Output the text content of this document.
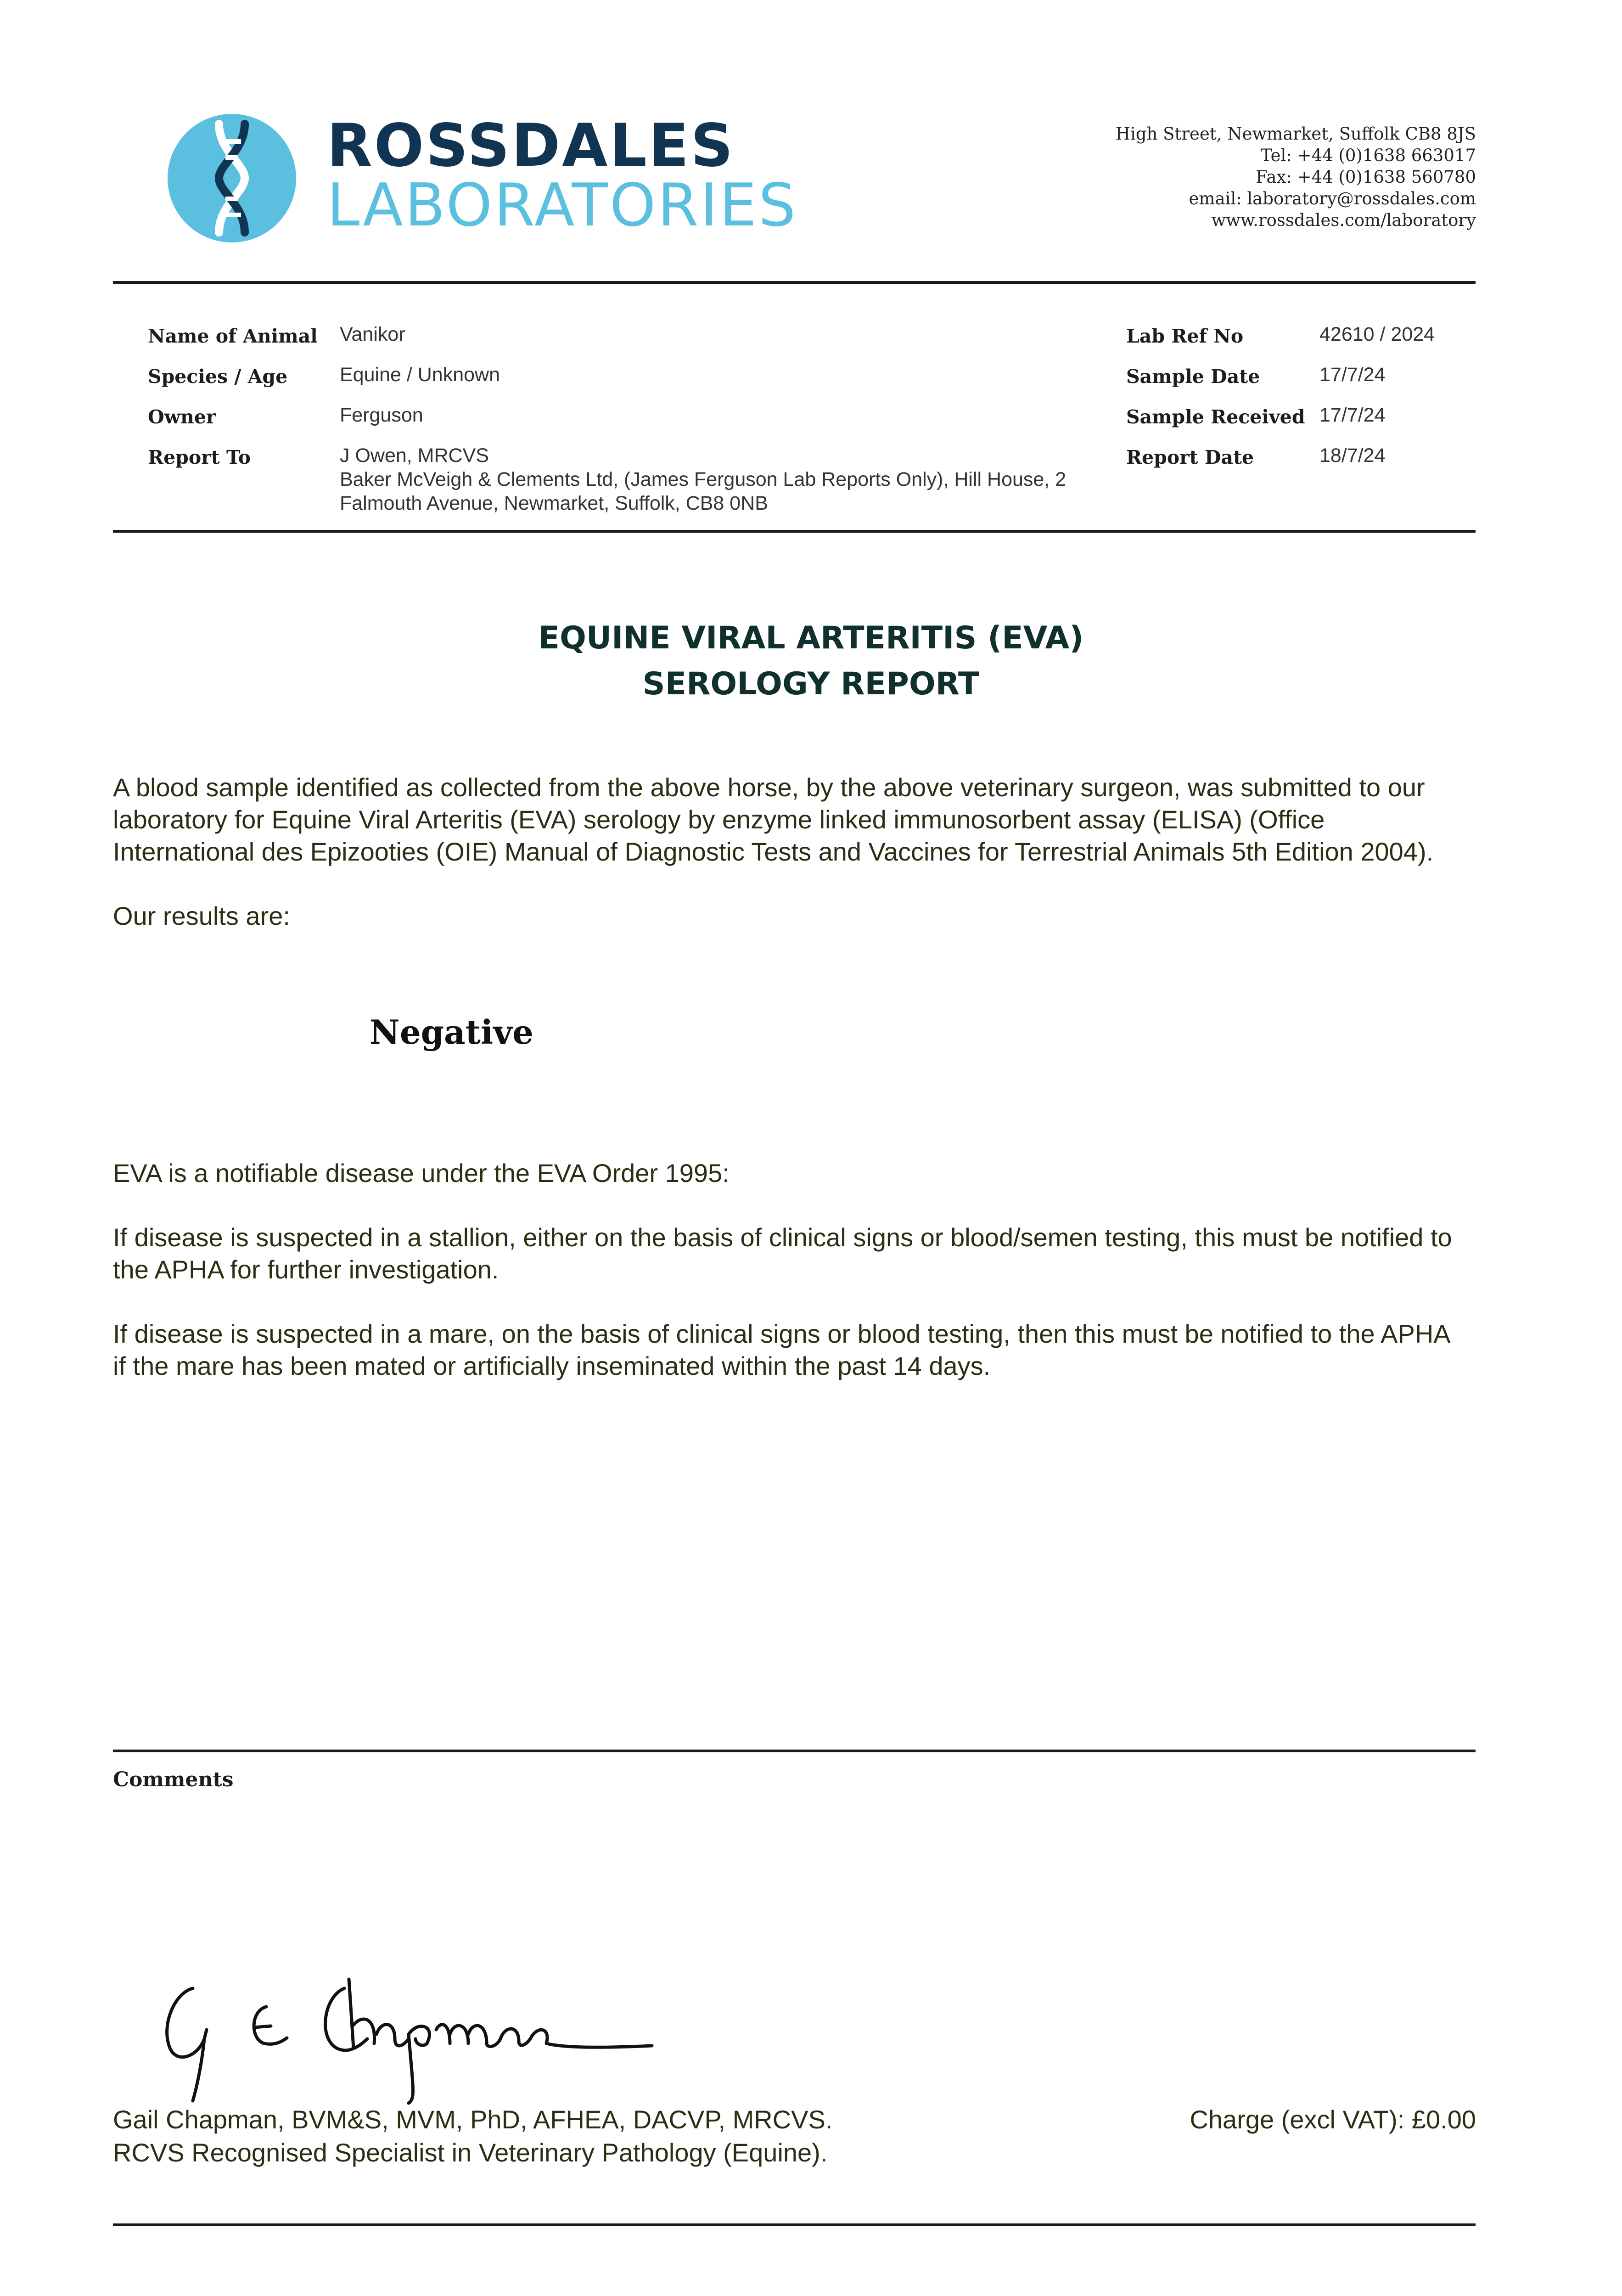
ROSSDALES
LABORATORIES
High Street, Newmarket, Suffolk CB8 8JS
Tel: +44 (0)1638 663017
Fax: +44 (0)1638 560780
email: laboratory@rossdales.com
www.rossdales.com/laboratory
Name of Animal Vanikor
Species / Age	Equine / Unknown
Owner	Ferguson
Report To	J Owen, MRCVS
Baker McVeigh & Clements Ltd, (James Ferguson Lab Reports Only), Hill House, 2
Falmouth Avenue, Newmarket, Suffolk, CB8 0NB
Lab Ref No	42610 / 2024
Sample Date	17/7/24
Sample Received 17/7/24
Report Date	18/7/24
EQUINE VIRAL ARTERITIS (EVA)
SEROLOGY REPORT
A blood sample identified as collected from the above horse, by the above veterinary surgeon, was submitted to our
laboratory for Equine Viral Arteritis (EVA) serology by enzyme linked immunosorbent assay (ELISA) (Office
International des Epizooties (OIE) Manual of Diagnostic Tests and Vaccines for Terrestrial Animals 5th Edition 2004).
Our results are:
Negative
EVA is a notifiable disease under the EVA Order 1995:
If disease is suspected in a stallion, either on the basis of clinical signs or blood/semen testing, this must be notified to
the APHA for further investigation.
If disease is suspected in a mare, on the basis of clinical signs or blood testing, then this must be notified to the APHA
if the mare has been mated or artificially inseminated within the past 14 days.
Comments
Gail Chapman, BVM&S, MVM, PhD, AFHEA, DACVP, MRCVS.
RCVS Recognised Specialist in Veterinary Pathology (Equine).
Charge (excl VAT): £0.00
